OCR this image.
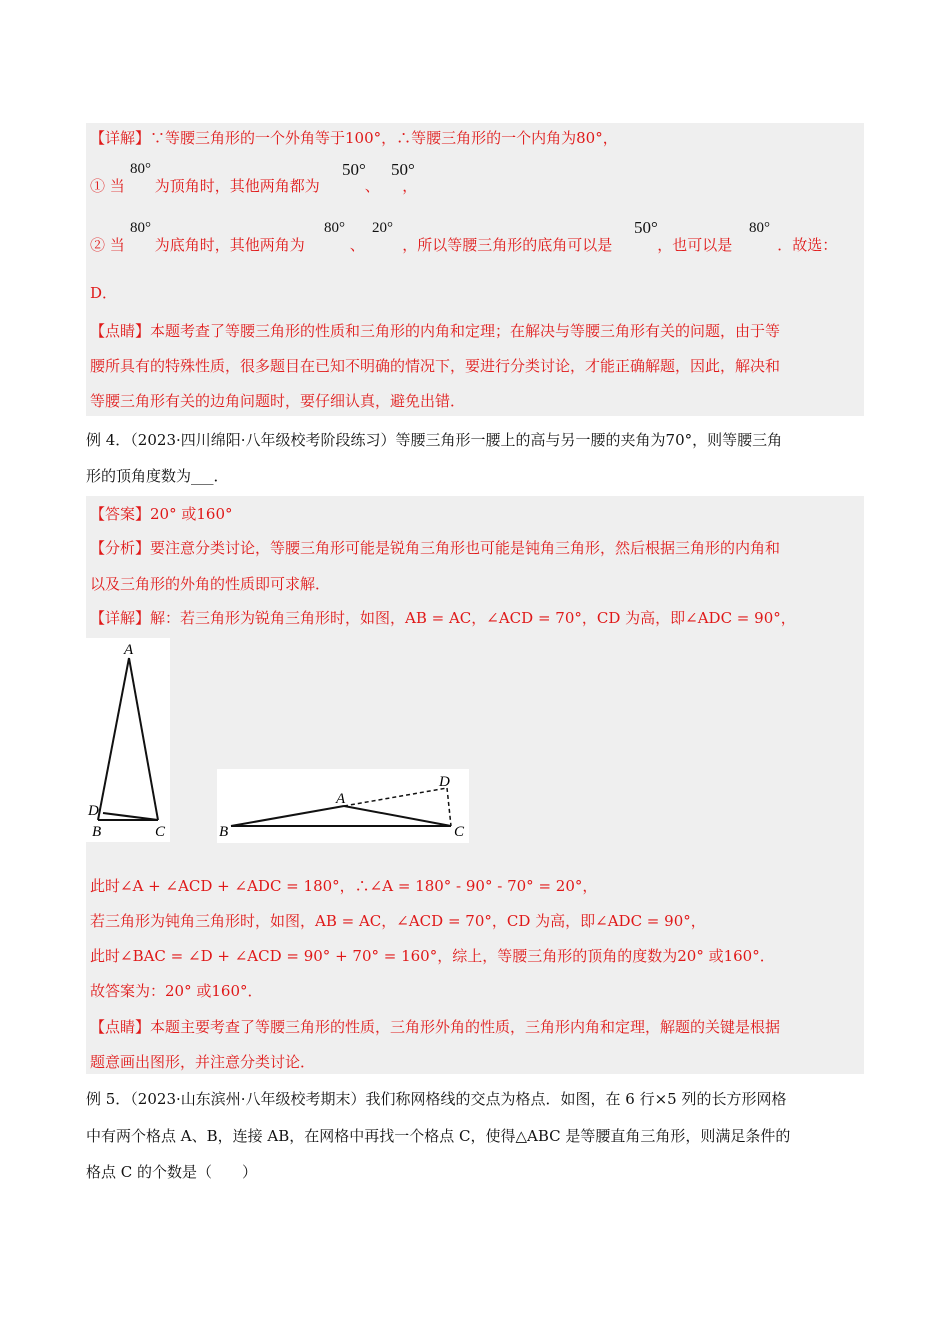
【详解】∵等腰三角形的一个外角等于100°，∴等腰三角形的一个内角为80°，
① 当　　为顶角时，其他两角都为　　　、　　，
80°	50° 50°
② 当　　为底角时，其他两角为　　　、　　　，所以等腰三角形的底角可以是　　　，也可以是　　　．故选：
80°	80° 20°	50°	80°
D．
【点睛】本题考查了等腰三角形的性质和三角形的内角和定理；在解决与等腰三角形有关的问题，由于等
腰所具有的特殊性质，很多题目在已知不明确的情况下，要进行分类讨论，才能正确解题，因此，解决和
等腰三角形有关的边角问题时，要仔细认真，避免出错．
例 4．（2023·四川绵阳·八年级校考阶段练习）等腰三角形一腰上的高与另一腰的夹角为70°，则等腰三角
形的顶角度数为___．
【答案】20° 或160°
【分析】要注意分类讨论，等腰三角形可能是锐角三角形也可能是钝角三角形，然后根据三角形的内角和
以及三角形的外角的性质即可求解．
【详解】解：若三角形为锐角三角形时，如图，AB = AC，∠ACD = 70°，CD 为高，即∠ADC = 90°，
A
D
B	C
A
D
B	C
此时∠A + ∠ACD + ∠ADC = 180°，∴∠A = 180° - 90° - 70° = 20°，
若三角形为钝角三角形时，如图，AB = AC，∠ACD = 70°，CD 为高，即∠ADC = 90°，
此时∠BAC = ∠D + ∠ACD = 90° + 70° = 160°，综上，等腰三角形的顶角的度数为20° 或160°．
故答案为：20° 或160°．
【点睛】本题主要考查了等腰三角形的性质，三角形外角的性质，三角形内角和定理，解题的关键是根据
题意画出图形，并注意分类讨论．
例 5．（2023·山东滨州·八年级校考期末）我们称网格线的交点为格点．如图，在 6 行×5 列的长方形网格
中有两个格点 A、B，连接 AB，在网格中再找一个格点 C，使得△ABC 是等腰直角三角形，则满足条件的
格点 C 的个数是（　　）
